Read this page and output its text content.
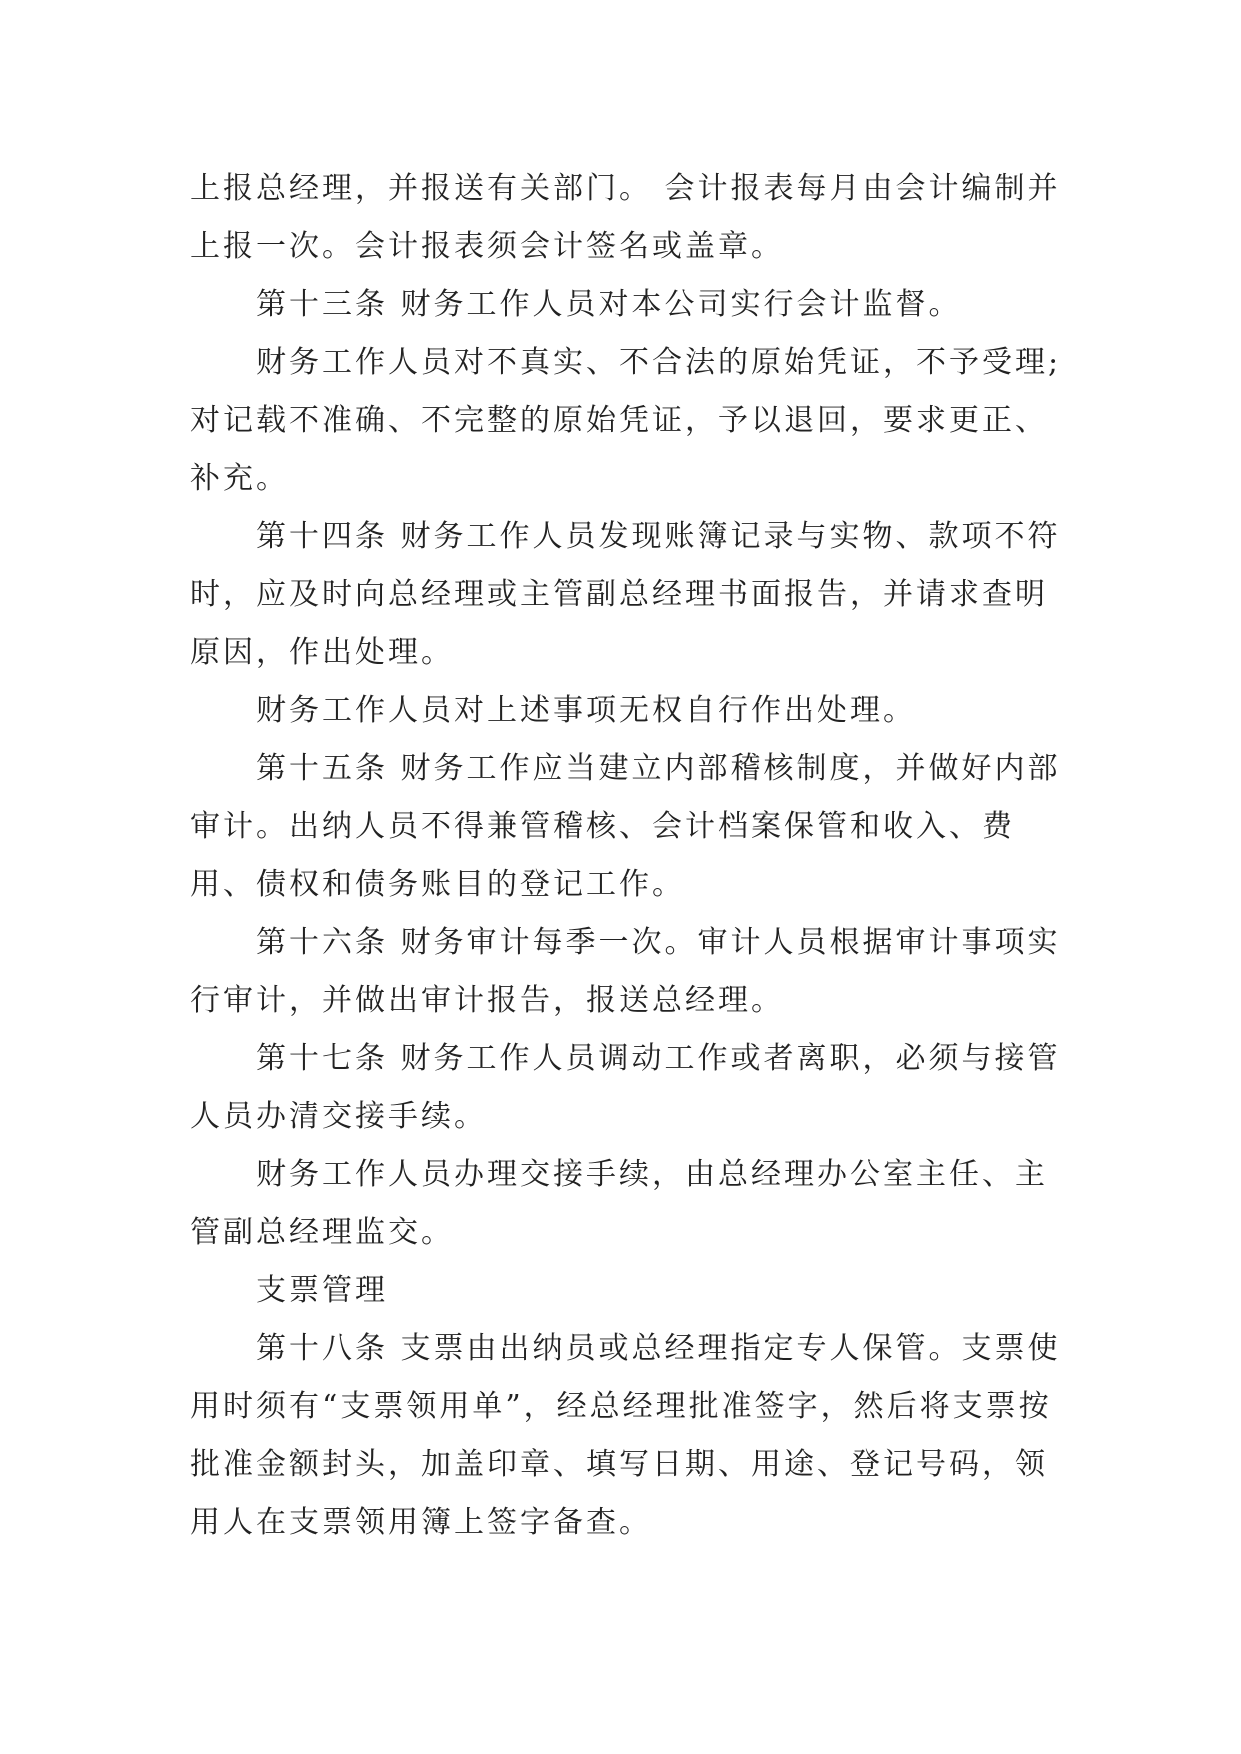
上报总经理，并报送有关部门。 会计报表每月由会计编制并上报一次。会计报表须会计签名或盖章。

第十三条 财务工作人员对本公司实行会计监督。

财务工作人员对不真实、不合法的原始凭证，不予受理;对记载不准确、不完整的原始凭证，予以退回，要求更正、补充。

第十四条 财务工作人员发现账簿记录与实物、款项不符时，应及时向总经理或主管副总经理书面报告，并请求查明原因，作出处理。

财务工作人员对上述事项无权自行作出处理。

第十五条 财务工作应当建立内部稽核制度，并做好内部审计。出纳人员不得兼管稽核、会计档案保管和收入、费用、债权和债务账目的登记工作。

第十六条 财务审计每季一次。审计人员根据审计事项实行审计，并做出审计报告，报送总经理。

第十七条 财务工作人员调动工作或者离职，必须与接管人员办清交接手续。

财务工作人员办理交接手续，由总经理办公室主任、主管副总经理监交。

支票管理

第十八条 支票由出纳员或总经理指定专人保管。支票使用时须有“支票领用单”，经总经理批准签字，然后将支票按批准金额封头，加盖印章、填写日期、用途、登记号码，领用人在支票领用簿上签字备查。
